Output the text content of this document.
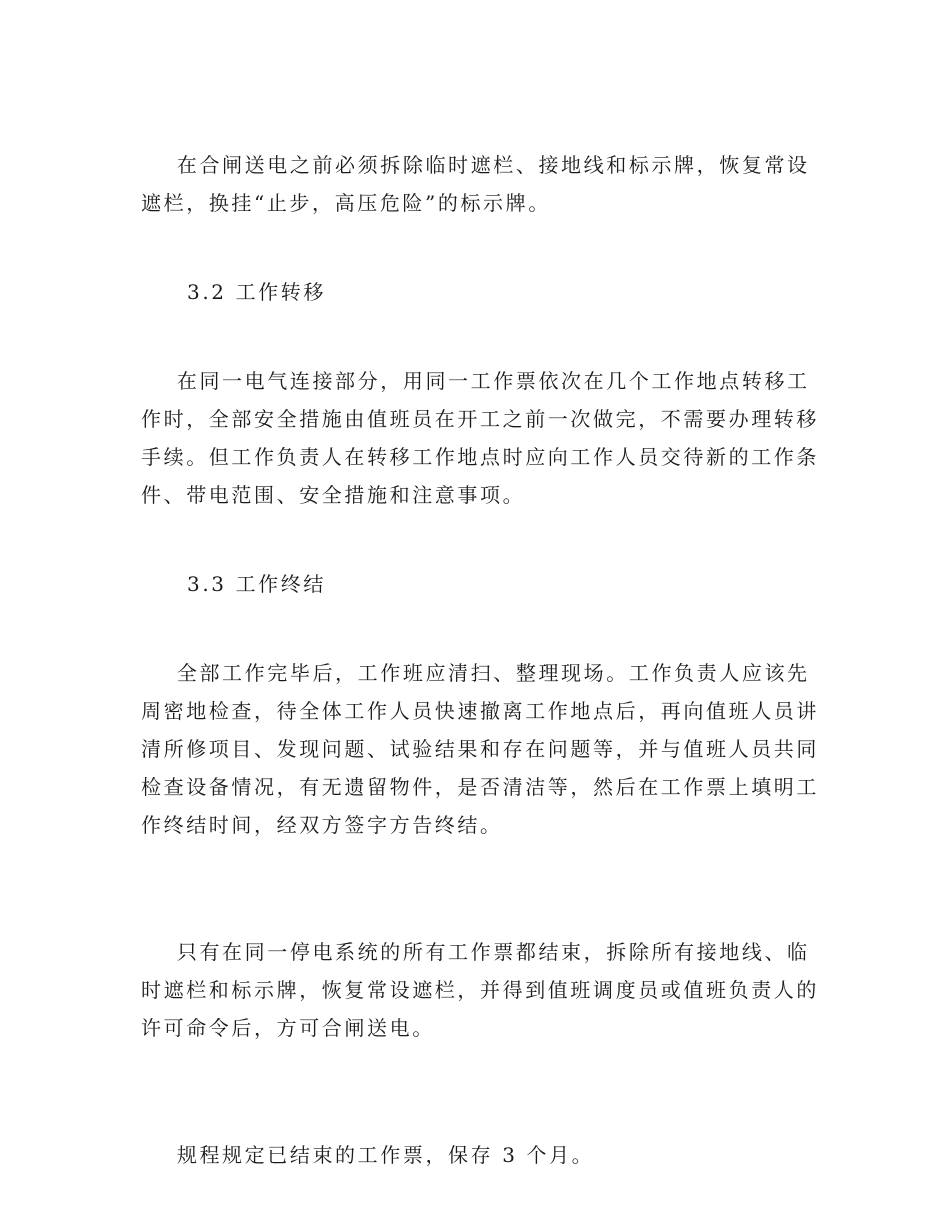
在合闸送电之前必须拆除临时遮栏、接地线和标示牌，恢复常设
遮栏，换挂“止步，高压危险”的标示牌。

3.2 工作转移

在同一电气连接部分，用同一工作票依次在几个工作地点转移工
作时，全部安全措施由值班员在开工之前一次做完，不需要办理转移
手续。但工作负责人在转移工作地点时应向工作人员交待新的工作条
件、带电范围、安全措施和注意事项。

3.3 工作终结

全部工作完毕后，工作班应清扫、整理现场。工作负责人应该先
周密地检查，待全体工作人员快速撤离工作地点后，再向值班人员讲
清所修项目、发现问题、试验结果和存在问题等，并与值班人员共同
检查设备情况，有无遗留物件，是否清洁等，然后在工作票上填明工
作终结时间，经双方签字方告终结。

只有在同一停电系统的所有工作票都结束，拆除所有接地线、临
时遮栏和标示牌，恢复常设遮栏，并得到值班调度员或值班负责人的
许可命令后，方可合闸送电。

规程规定已结束的工作票，保存 3 个月。
